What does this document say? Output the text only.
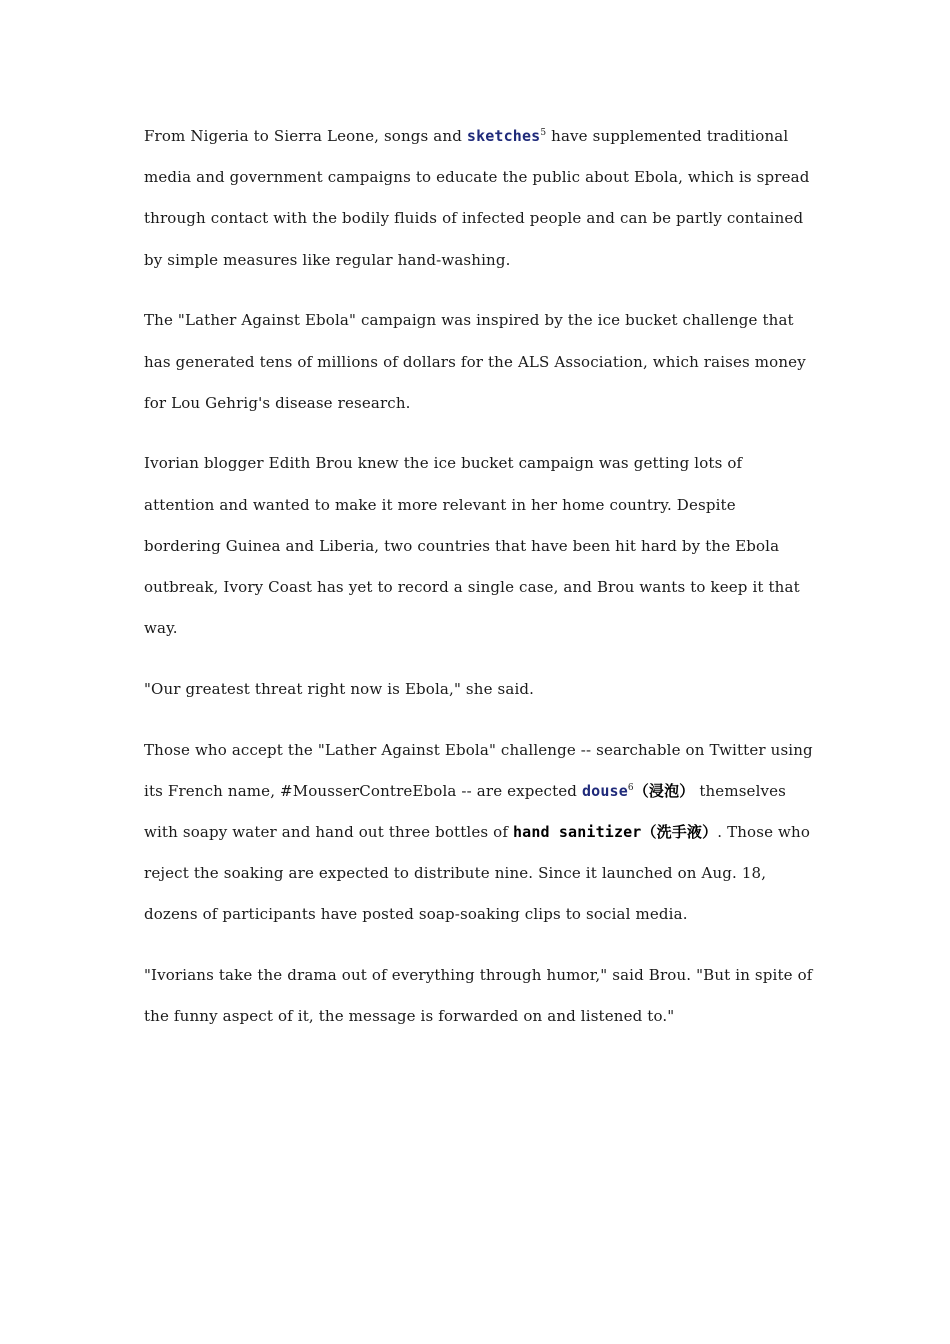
From Nigeria to Sierra Leone, songs and sketches$^5$ have supplemented traditional media and government campaigns to educate the public about Ebola, which is spread through contact with the bodily fluids of infected people and can be partly contained by simple measures like regular hand-washing.

The "Lather Against Ebola" campaign was inspired by the ice bucket challenge that has generated tens of millions of dollars for the ALS Association, which raises money for Lou Gehrig's disease research.

Ivorian blogger Edith Brou knew the ice bucket campaign was getting lots of attention and wanted to make it more relevant in her home country. Despite bordering Guinea and Liberia, two countries that have been hit hard by the Ebola outbreak, Ivory Coast has yet to record a single case, and Brou wants to keep it that way.

"Our greatest threat right now is Ebola," she said.

Those who accept the "Lather Against Ebola" challenge -- searchable on Twitter using its French name, #MousserContreEbola -- are expected douse$^6$（浸泡） themselves with soapy water and hand out three bottles of hand sanitizer（洗手液）. Those who reject the soaking are expected to distribute nine. Since it launched on Aug. 18, dozens of participants have posted soap-soaking clips to social media.

"Ivorians take the drama out of everything through humor," said Brou. "But in spite of the funny aspect of it, the message is forwarded on and listened to."
